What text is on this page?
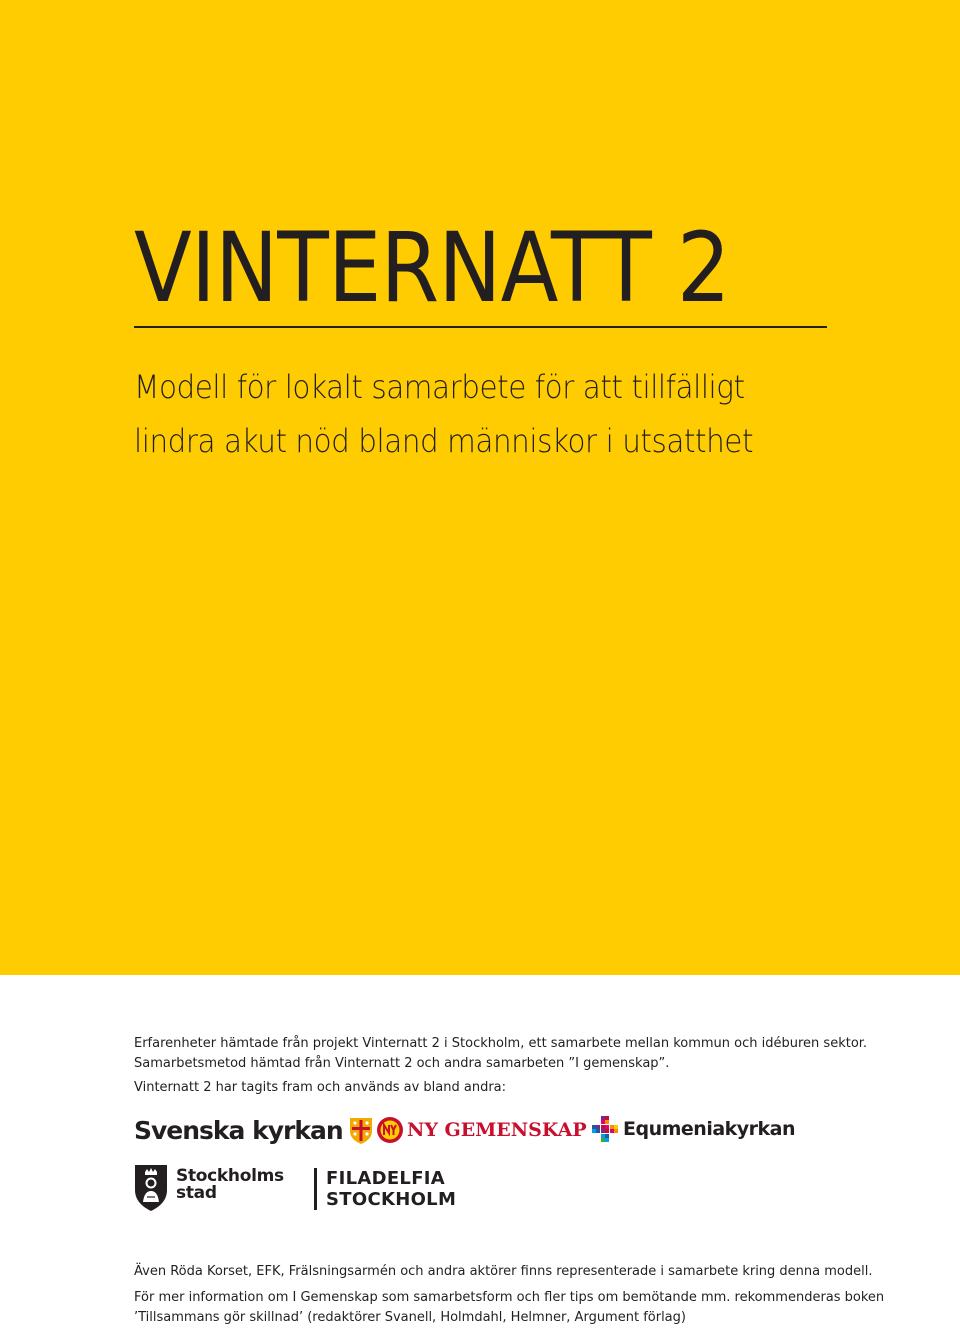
VINTERNATT 2
Modell för lokalt samarbete för att tillfälligt
lindra akut nöd bland människor i utsatthet
Erfarenheter hämtade från projekt Vinternatt 2 i Stockholm, ett samarbete mellan kommun och idéburen sektor.
Samarbetsmetod hämtad från Vinternatt 2 och andra samarbeten ”I gemenskap”.
Vinternatt 2 har tagits fram och används av bland andra:
Svenska kyrkan	NY GEMENSKAP Equmeniakyrkan
Stockholms
stad
FILADELFIA
STOCKHOLM
Även Röda Korset, EFK, Frälsningsarmén och andra aktörer finns representerade i samarbete kring denna modell.
För mer information om I Gemenskap som samarbetsform och fler tips om bemötande mm. rekommenderas boken
’Tillsammans gör skillnad’ (redaktörer Svanell, Holmdahl, Helmner, Argument förlag)
